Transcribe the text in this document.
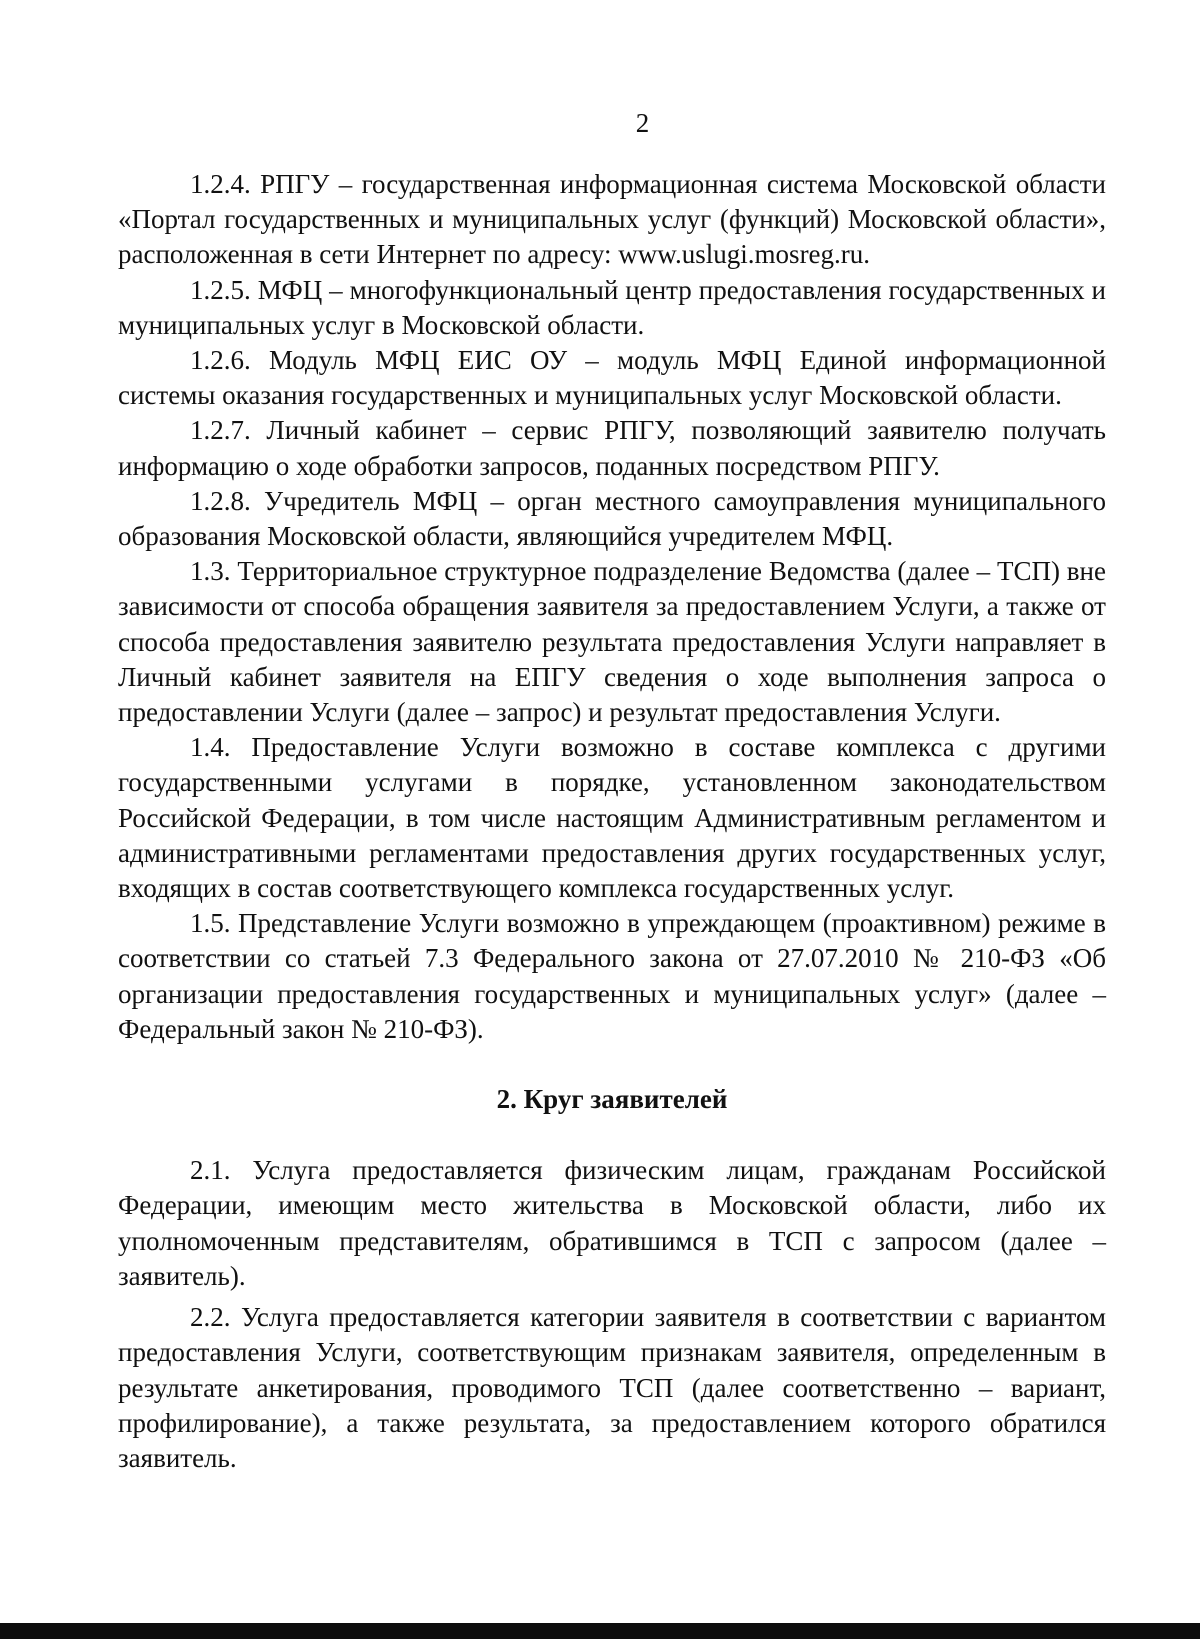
2

1.2.4. РПГУ – государственная информационная система Московской области «Портал государственных и муниципальных услуг (функций) Московской области», расположенная в сети Интернет по адресу: www.uslugi.mosreg.ru.

1.2.5. МФЦ – многофункциональный центр предоставления государственных и муниципальных услуг в Московской области.

1.2.6. Модуль МФЦ ЕИС ОУ – модуль МФЦ Единой информационной системы оказания государственных и муниципальных услуг Московской области.

1.2.7. Личный кабинет – сервис РПГУ, позволяющий заявителю получать информацию о ходе обработки запросов, поданных посредством РПГУ.

1.2.8. Учредитель МФЦ – орган местного самоуправления муниципального образования Московской области, являющийся учредителем МФЦ.

1.3. Территориальное структурное подразделение Ведомства (далее – ТСП) вне зависимости от способа обращения заявителя за предоставлением Услуги, а также от способа предоставления заявителю результата предоставления Услуги направляет в Личный кабинет заявителя на ЕПГУ сведения о ходе выполнения запроса о предоставлении Услуги (далее – запрос) и результат предоставления Услуги.

1.4. Предоставление Услуги возможно в составе комплекса с другими государственными услугами в порядке, установленном законодательством Российской Федерации, в том числе настоящим Административным регламентом и административными регламентами предоставления других государственных услуг, входящих в состав соответствующего комплекса государственных услуг.

1.5. Представление Услуги возможно в упреждающем (проактивном) режиме в соответствии со статьей 7.3 Федерального закона от 27.07.2010 № 210-ФЗ «Об организации предоставления государственных и муниципальных услуг» (далее – Федеральный закон № 210-ФЗ).

2. Круг заявителей

2.1. Услуга предоставляется физическим лицам, гражданам Российской Федерации, имеющим место жительства в Московской области, либо их уполномоченным представителям, обратившимся в ТСП с запросом (далее – заявитель).

2.2. Услуга предоставляется категории заявителя в соответствии с вариантом предоставления Услуги, соответствующим признакам заявителя, определенным в результате анкетирования, проводимого ТСП (далее соответственно – вариант, профилирование), а также результата, за предоставлением которого обратился заявитель.
